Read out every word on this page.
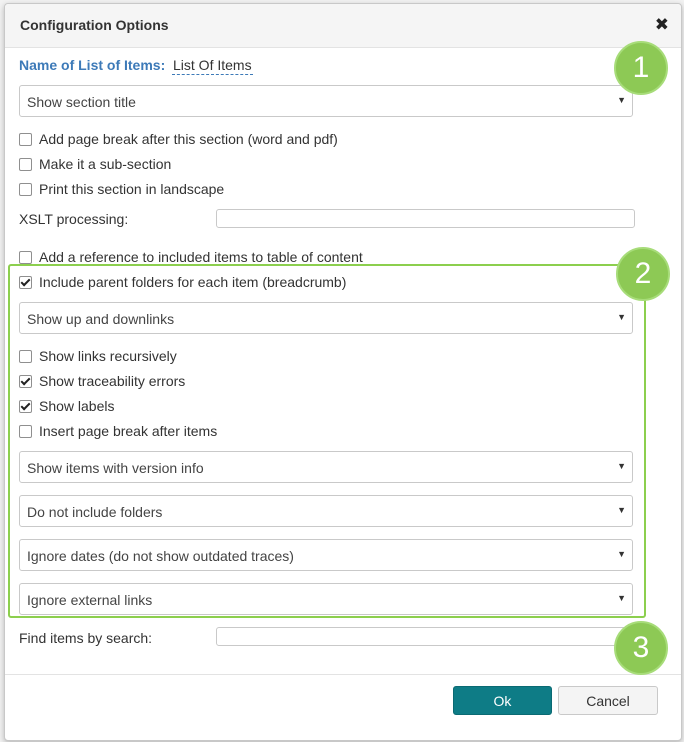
Configuration Options	✖
Name of List of Items: List Of Items
Show section title	▼
Add page break after this section (word and pdf)
Make it a sub-section
Print this section in landscape
XSLT processing:
Add a reference to included items to table of content
Include parent folders for each item (breadcrumb)
Show up and downlinks	▼
Show links recursively
Show traceability errors
Show labels
Insert page break after items
Show items with version info	▼
Do not include folders	▼
Ignore dates (do not show outdated traces)	▼
Ignore external links	▼
Find items by search:
Ok	Cancel
1
2
3
